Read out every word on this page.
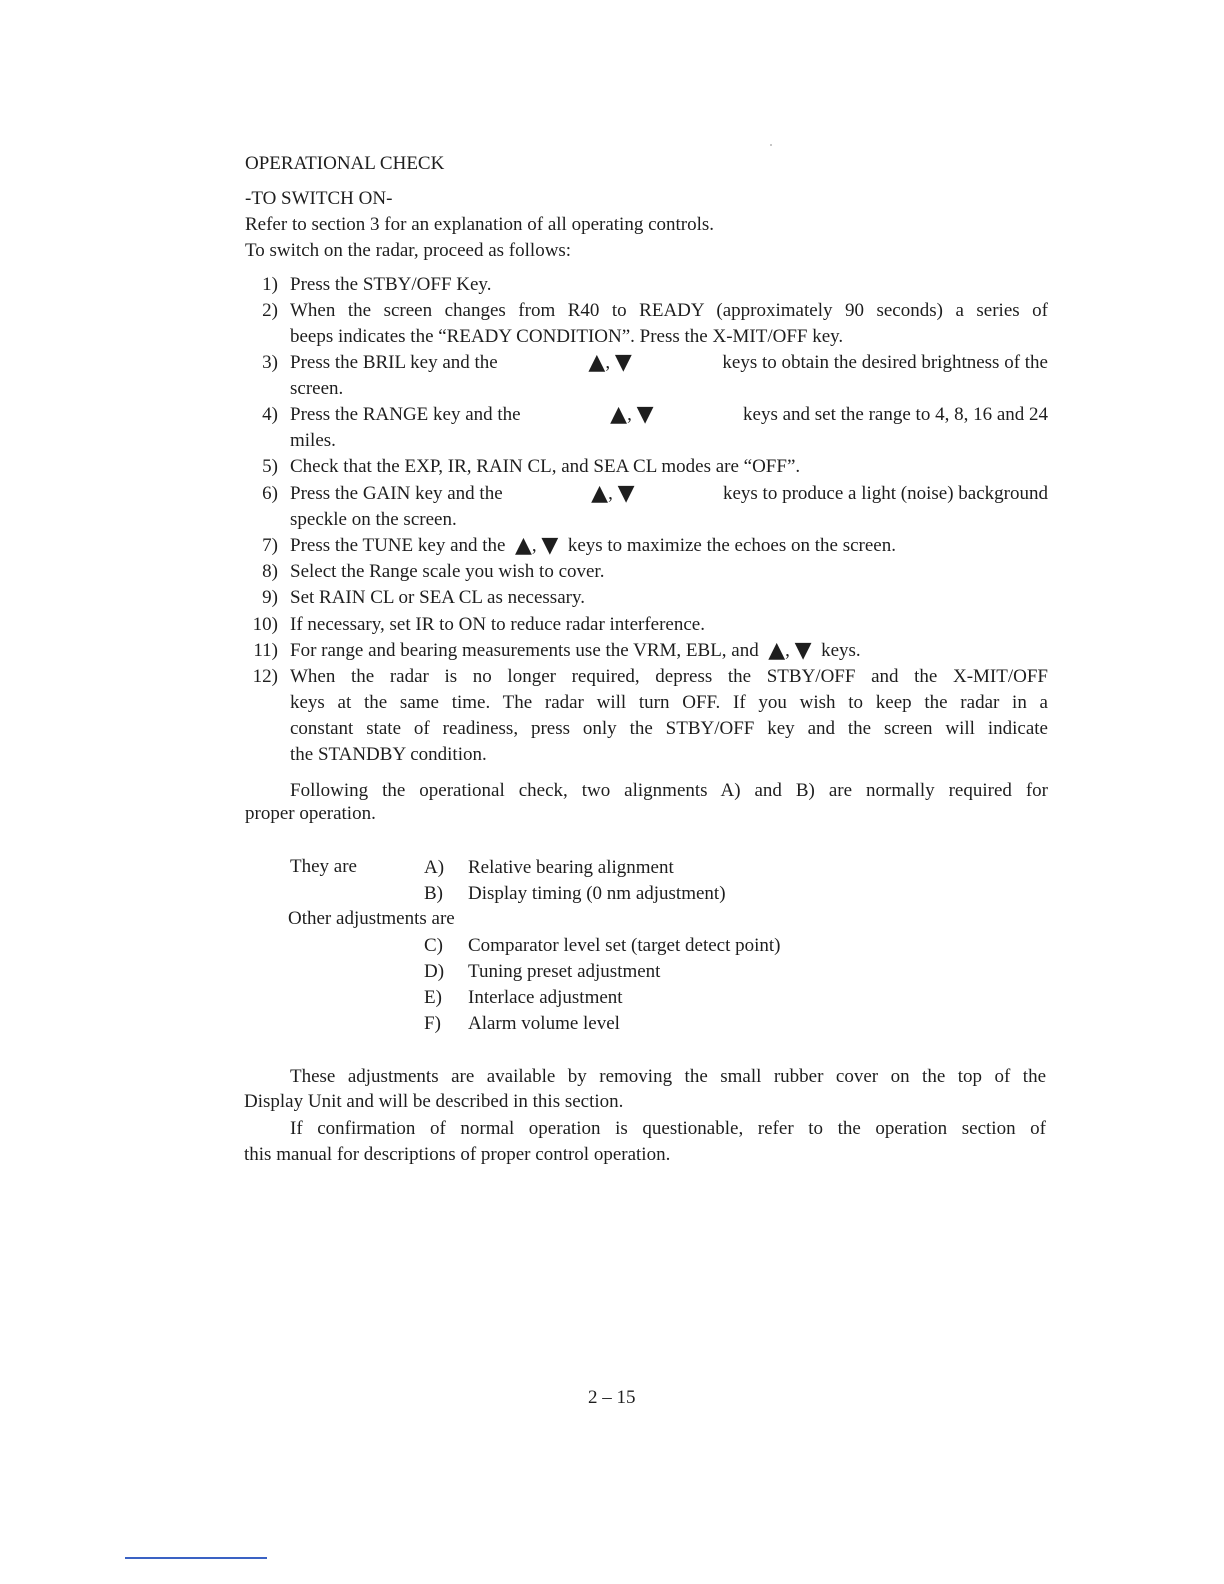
OPERATIONAL CHECK
-TO SWITCH ON-
Refer to section 3 for an explanation of all operating controls.
To switch on the radar, proceed as follows:
1) Press the STBY/OFF Key.
2) When the screen changes from R40 to READY (approximately 90 seconds) a series of
beeps indicates the “READY CONDITION”. Press the X-MIT/OFF key.
3) Press the BRIL key and the	▲, ▼	keys to obtain the desired brightness of the
screen.
4) Press the RANGE key and the	▲, ▼	keys and set the range to 4, 8, 16 and 24
miles.
5) Check that the EXP, IR, RAIN CL, and SEA CL modes are “OFF”.
6) Press the GAIN key and the	▲, ▼	keys to produce a light (noise) background
speckle on the screen.
7) Press the TUNE key and the ▲, ▼ keys to maximize the echoes on the screen.
8) Select the Range scale you wish to cover.
9) Set RAIN CL or SEA CL as necessary.
10) If necessary, set IR to ON to reduce radar interference.
11) For range and bearing measurements use the VRM, EBL, and ▲, ▼ keys.
12) When the radar is no longer required, depress the STBY/OFF and the X-MIT/OFF
keys at the same time. The radar will turn OFF. If you wish to keep the radar in a
constant state of readiness, press only the STBY/OFF key and the screen will indicate
the STANDBY condition.
Following the operational check, two alignments A) and B) are normally required for
proper operation.
They are	A) Relative bearing alignment
B) Display timing (0 nm adjustment)
Other adjustments are
C) Comparator level set (target detect point)
D) Tuning preset adjustment
E) Interlace adjustment
F) Alarm volume level
These adjustments are available by removing the small rubber cover on the top of the
Display Unit and will be described in this section.
If confirmation of normal operation is questionable, refer to the operation section of
this manual for descriptions of proper control operation.
2 – 15
